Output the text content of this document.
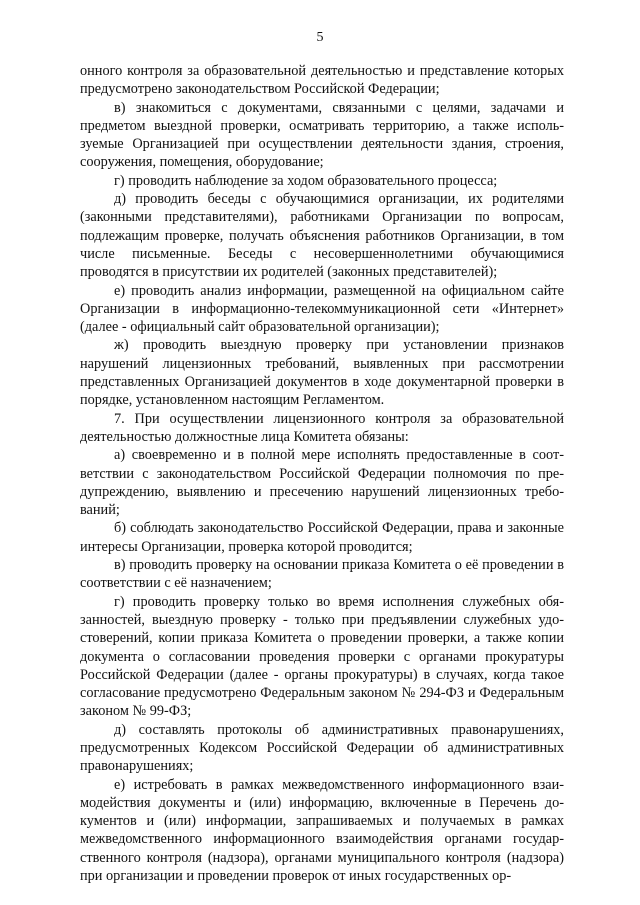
5

онного контроля за образовательной деятельностью и представление которых предусмотрено законодательством Российской Федерации;

в) знакомиться с документами, связанными с целями, задачами и предметом выездной проверки, осматривать территорию, а также используемые Организацией при осуществлении деятельности здания, строения, сооружения, помещения, оборудование;

г) проводить наблюдение за ходом образовательного процесса;

д) проводить беседы с обучающимися организации, их родителями (законными представителями), работниками Организации по вопросам, подлежащим проверке, получать объяснения работников Организации, в том числе письменные. Беседы с несовершеннолетними обучающимися проводятся в присутствии их родителей (законных представителей);

е) проводить анализ информации, размещенной на официальном сайте Организации в информационно-телекоммуникационной сети «Интернет» (далее - официальный сайт образовательной организации);

ж) проводить выездную проверку при установлении признаков нарушений лицензионных требований, выявленных при рассмотрении представленных Организацией документов в ходе документарной проверки в порядке, установленном настоящим Регламентом.

7. При осуществлении лицензионного контроля за образовательной деятельностью должностные лица Комитета обязаны:

а) своевременно и в полной мере исполнять предоставленные в соответствии с законодательством Российской Федерации полномочия по предупреждению, выявлению и пресечению нарушений лицензионных требований;

б) соблюдать законодательство Российской Федерации, права и законные интересы Организации, проверка которой проводится;

в) проводить проверку на основании приказа Комитета о её проведении в соответствии с её назначением;

г) проводить проверку только во время исполнения служебных обязанностей, выездную проверку - только при предъявлении служебных удостоверений, копии приказа Комитета о проведении проверки, а также копии документа о согласовании проведения проверки с органами прокуратуры Российской Федерации (далее - органы прокуратуры) в случаях, когда такое согласование предусмотрено Федеральным законом № 294-ФЗ и Федеральным законом № 99-ФЗ;

д) составлять протоколы об административных правонарушениях, предусмотренных Кодексом Российской Федерации об административных правонарушениях;

е) истребовать в рамках межведомственного информационного взаимодействия документы и (или) информацию, включенные в Перечень документов и (или) информации, запрашиваемых и получаемых в рамках межведомственного информационного взаимодействия органами государственного контроля (надзора), органами муниципального контроля (надзора) при организации и проведении проверок от иных государственных ор-
